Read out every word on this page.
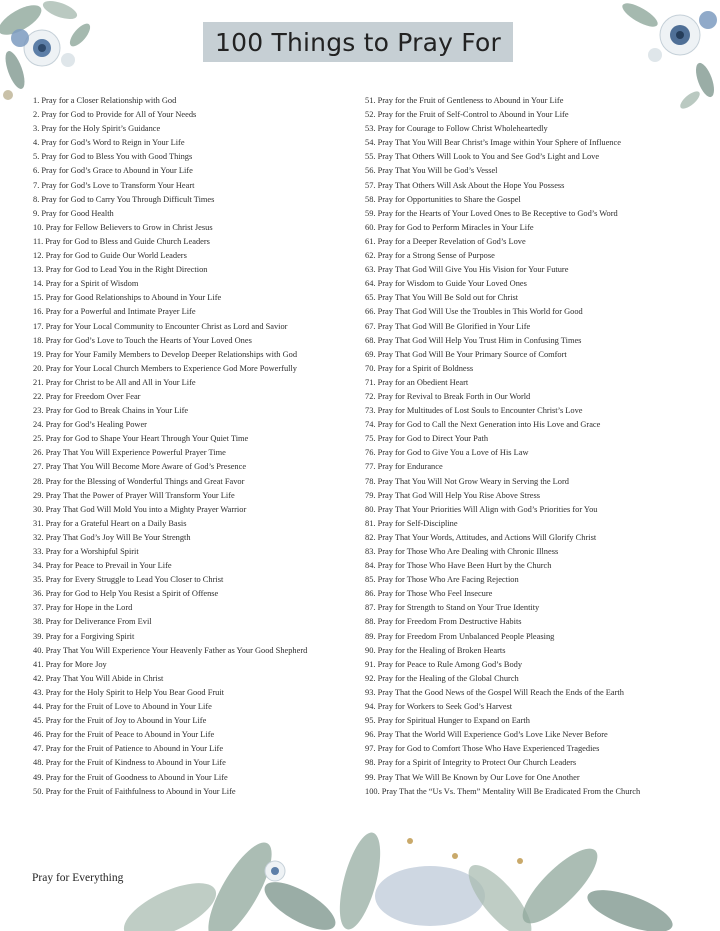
100 Things to Pray For
1. Pray for a Closer Relationship with God
2. Pray for God to Provide for All of Your Needs
3. Pray for the Holy Spirit’s Guidance
4. Pray for God’s Word to Reign in Your Life
5. Pray for God to Bless You with Good Things
6. Pray for God’s Grace to Abound in Your Life
7. Pray for God’s Love to Transform Your Heart
8. Pray for God to Carry You Through Difficult Times
9. Pray for Good Health
10. Pray for Fellow Believers to Grow in Christ Jesus
11. Pray for God to Bless and Guide Church Leaders
12. Pray for God to Guide Our World Leaders
13. Pray for God to Lead You in the Right Direction
14. Pray for a Spirit of Wisdom
15. Pray for Good Relationships to Abound in Your Life
16. Pray for a Powerful and Intimate Prayer Life
17. Pray for Your Local Community to Encounter Christ as Lord and Savior
18. Pray for God’s Love to Touch the Hearts of Your Loved Ones
19. Pray for Your Family Members to Develop Deeper Relationships with God
20. Pray for Your Local Church Members to Experience God More Powerfully
21. Pray for Christ to be All and All in Your Life
22. Pray for Freedom Over Fear
23. Pray for God to Break Chains in Your Life
24. Pray for God’s Healing Power
25. Pray for God to Shape Your Heart Through Your Quiet Time
26. Pray That You Will Experience Powerful Prayer Time
27. Pray That You Will Become More Aware of God’s Presence
28. Pray for the Blessing of Wonderful Things and Great Favor
29. Pray That the Power of Prayer Will Transform Your Life
30. Pray That God Will Mold You into a Mighty Prayer Warrior
31. Pray for a Grateful Heart on a Daily Basis
32. Pray That God’s Joy Will Be Your Strength
33. Pray for a Worshipful Spirit
34. Pray for Peace to Prevail in Your Life
35. Pray for Every Struggle to Lead You Closer to Christ
36. Pray for God to Help You Resist a Spirit of Offense
37. Pray for Hope in the Lord
38. Pray for Deliverance From Evil
39. Pray for a Forgiving Spirit
40. Pray That You Will Experience Your Heavenly Father as Your Good Shepherd
41. Pray for More Joy
42. Pray That You Will Abide in Christ
43. Pray for the Holy Spirit to Help You Bear Good Fruit
44. Pray for the Fruit of Love to Abound in Your Life
45. Pray for the Fruit of Joy to Abound in Your Life
46. Pray for the Fruit of Peace to Abound in Your Life
47. Pray for the Fruit of Patience to Abound in Your Life
48. Pray for the Fruit of Kindness to Abound in Your Life
49. Pray for the Fruit of Goodness to Abound in Your Life
50. Pray for the Fruit of Faithfulness to Abound in Your Life
51. Pray for the Fruit of Gentleness to Abound in Your Life
52. Pray for the Fruit of Self-Control to Abound in Your Life
53. Pray for Courage to Follow Christ Wholeheartedly
54. Pray That You Will Bear Christ’s Image within Your Sphere of Influence
55. Pray That Others Will Look to You and See God’s Light and Love
56. Pray That You Will be God’s Vessel
57. Pray That Others Will Ask About the Hope You Possess
58. Pray for Opportunities to Share the Gospel
59. Pray for the Hearts of Your Loved Ones to Be Receptive to God’s Word
60. Pray for God to Perform Miracles in Your Life
61. Pray for a Deeper Revelation of God’s Love
62. Pray for a Strong Sense of Purpose
63. Pray That God Will Give You His Vision for Your Future
64. Pray for Wisdom to Guide Your Loved Ones
65. Pray That You Will Be Sold out for Christ
66. Pray That God Will Use the Troubles in This World for Good
67. Pray That God Will Be Glorified in Your Life
68. Pray That God Will Help You Trust Him in Confusing Times
69. Pray That God Will Be Your Primary Source of Comfort
70. Pray for a Spirit of Boldness
71. Pray for an Obedient Heart
72. Pray for Revival to Break Forth in Our World
73. Pray for Multitudes of Lost Souls to Encounter Christ’s Love
74. Pray for God to Call the Next Generation into His Love and Grace
75. Pray for God to Direct Your Path
76. Pray for God to Give You a Love of His Law
77. Pray for Endurance
78. Pray That You Will Not Grow Weary in Serving the Lord
79. Pray That God Will Help You Rise Above Stress
80. Pray That Your Priorities Will Align with God’s Priorities for You
81. Pray for Self-Discipline
82. Pray That Your Words, Attitudes, and Actions Will Glorify Christ
83. Pray for Those Who Are Dealing with Chronic Illness
84. Pray for Those Who Have Been Hurt by the Church
85. Pray for Those Who Are Facing Rejection
86. Pray for Those Who Feel Insecure
87. Pray for Strength to Stand on Your True Identity
88. Pray for Freedom From Destructive Habits
89. Pray for Freedom From Unbalanced People Pleasing
90. Pray for the Healing of Broken Hearts
91. Pray for Peace to Rule Among God’s Body
92. Pray for the Healing of the Global Church
93. Pray That the Good News of the Gospel Will Reach the Ends of the Earth
94. Pray for Workers to Seek God’s Harvest
95. Pray for Spiritual Hunger to Expand on Earth
96. Pray That the World Will Experience God’s Love Like Never Before
97. Pray for God to Comfort Those Who Have Experienced Tragedies
98. Pray for a Spirit of Integrity to Protect Our Church Leaders
99. Pray That We Will Be Known by Our Love for One Another
100. Pray That the “Us Vs. Them” Mentality Will Be Eradicated From the Church
Pray for Everything
